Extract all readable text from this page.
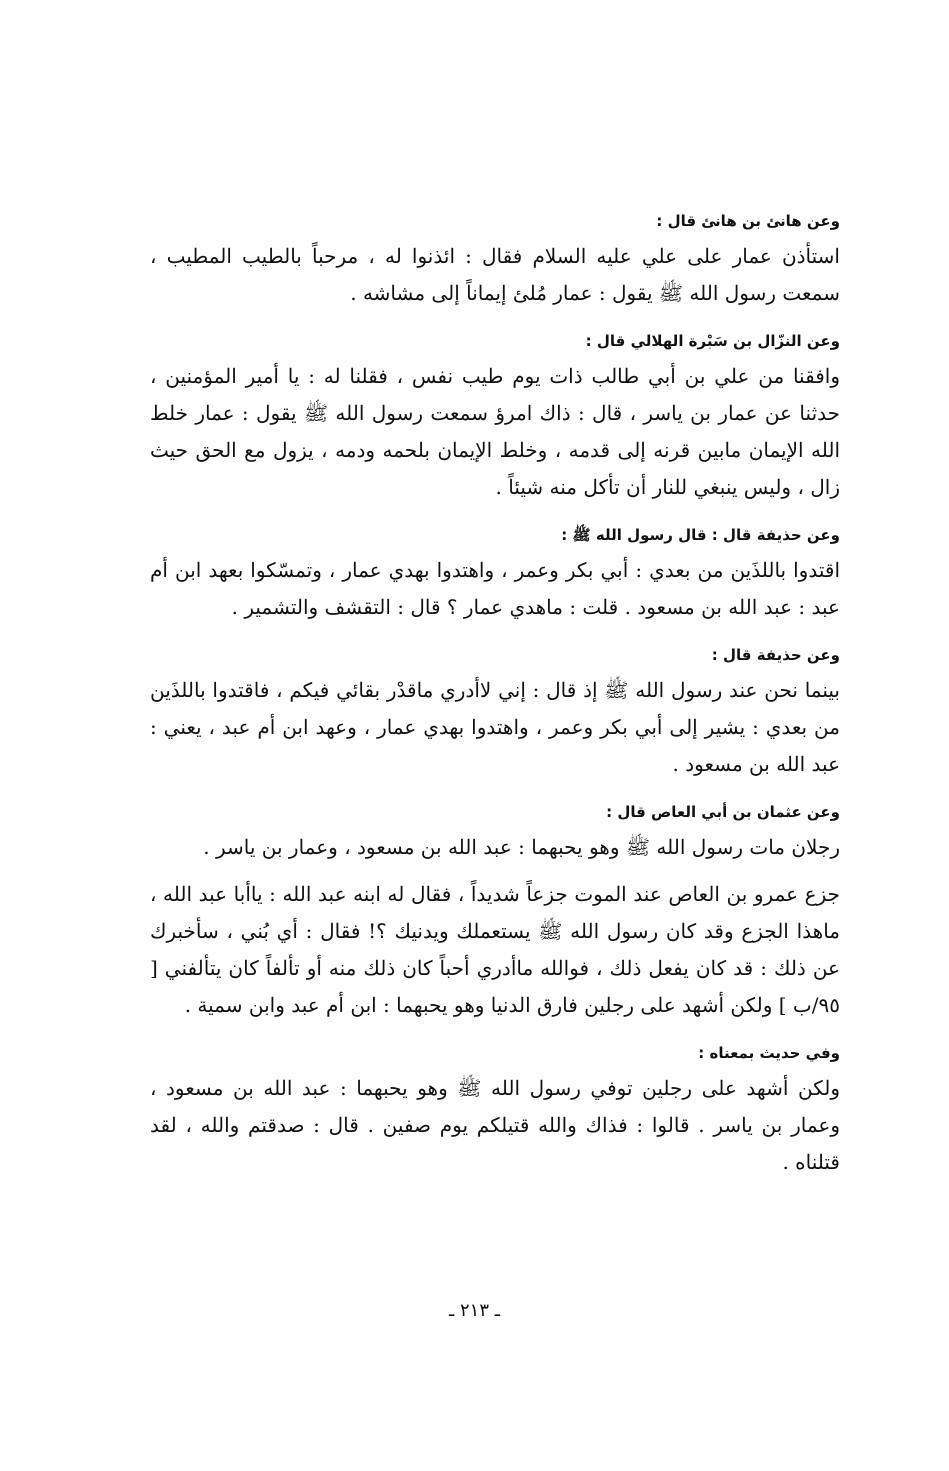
وعن هانئ بن هانئ قال :

استأذن عمار على علي عليه السلام فقال : ائذنوا له ، مرحباً بالطيب المطيب ، سمعت رسول الله ﷺ يقول : عمار مُلئ إيماناً إلى مشاشه .

وعن النزّال بن سَبْرة الهلالي قال :

وافقنا من علي بن أبي طالب ذات يوم طيب نفس ، فقلنا له : يا أمير المؤمنين ، حدثنا عن عمار بن ياسر ، قال : ذاك امرؤ سمعت رسول الله ﷺ يقول : عمار خلط الله الإيمان مابين قرنه إلى قدمه ، وخلط الإيمان بلحمه ودمه ، يزول مع الحق حيث زال ، وليس ينبغي للنار أن تأكل منه شيئاً .

وعن حذيفة قال : قال رسول الله ﷺ :

اقتدوا باللذَين من بعدي : أبي بكر وعمر ، واهتدوا بهدي عمار ، وتمسّكوا بعهد ابن أم عبد : عبد الله بن مسعود . قلت : ماهدي عمار ؟ قال : التقشف والتشمير .

وعن حذيفة قال :

بينما نحن عند رسول الله ﷺ إذ قال : إني لاأدري ماقدْر بقائي فيكم ، فاقتدوا باللذَين من بعدي : يشير إلى أبي بكر وعمر ، واهتدوا بهدي عمار ، وعهد ابن أم عبد ، يعني : عبد الله بن مسعود .

وعن عثمان بن أبي العاص قال :

رجلان مات رسول الله ﷺ وهو يحبهما : عبد الله بن مسعود ، وعمار بن ياسر .

جزع عمرو بن العاص عند الموت جزعاً شديداً ، فقال له ابنه عبد الله : ياأبا عبد الله ، ماهذا الجزع وقد كان رسول الله ﷺ يستعملك ويدنيك ؟! فقال : أي بُني ، سأخبرك عن ذلك : قد كان يفعل ذلك ، فوالله ماأدري أحباً كان ذلك منه أو تألفاً كان يتألفني [ ٩٥/ب ] ولكن أشهد على رجلين فارق الدنيا وهو يحبهما : ابن أم عبد وابن سمية .

وفي حديث بمعناه :

ولكن أشهد على رجلين توفي رسول الله ﷺ وهو يحبهما : عبد الله بن مسعود ، وعمار بن ياسر . قالوا : فذاك والله قتيلكم يوم صفين . قال : صدقتم والله ، لقد قتلناه .

ـ ٢١٣ ـ
